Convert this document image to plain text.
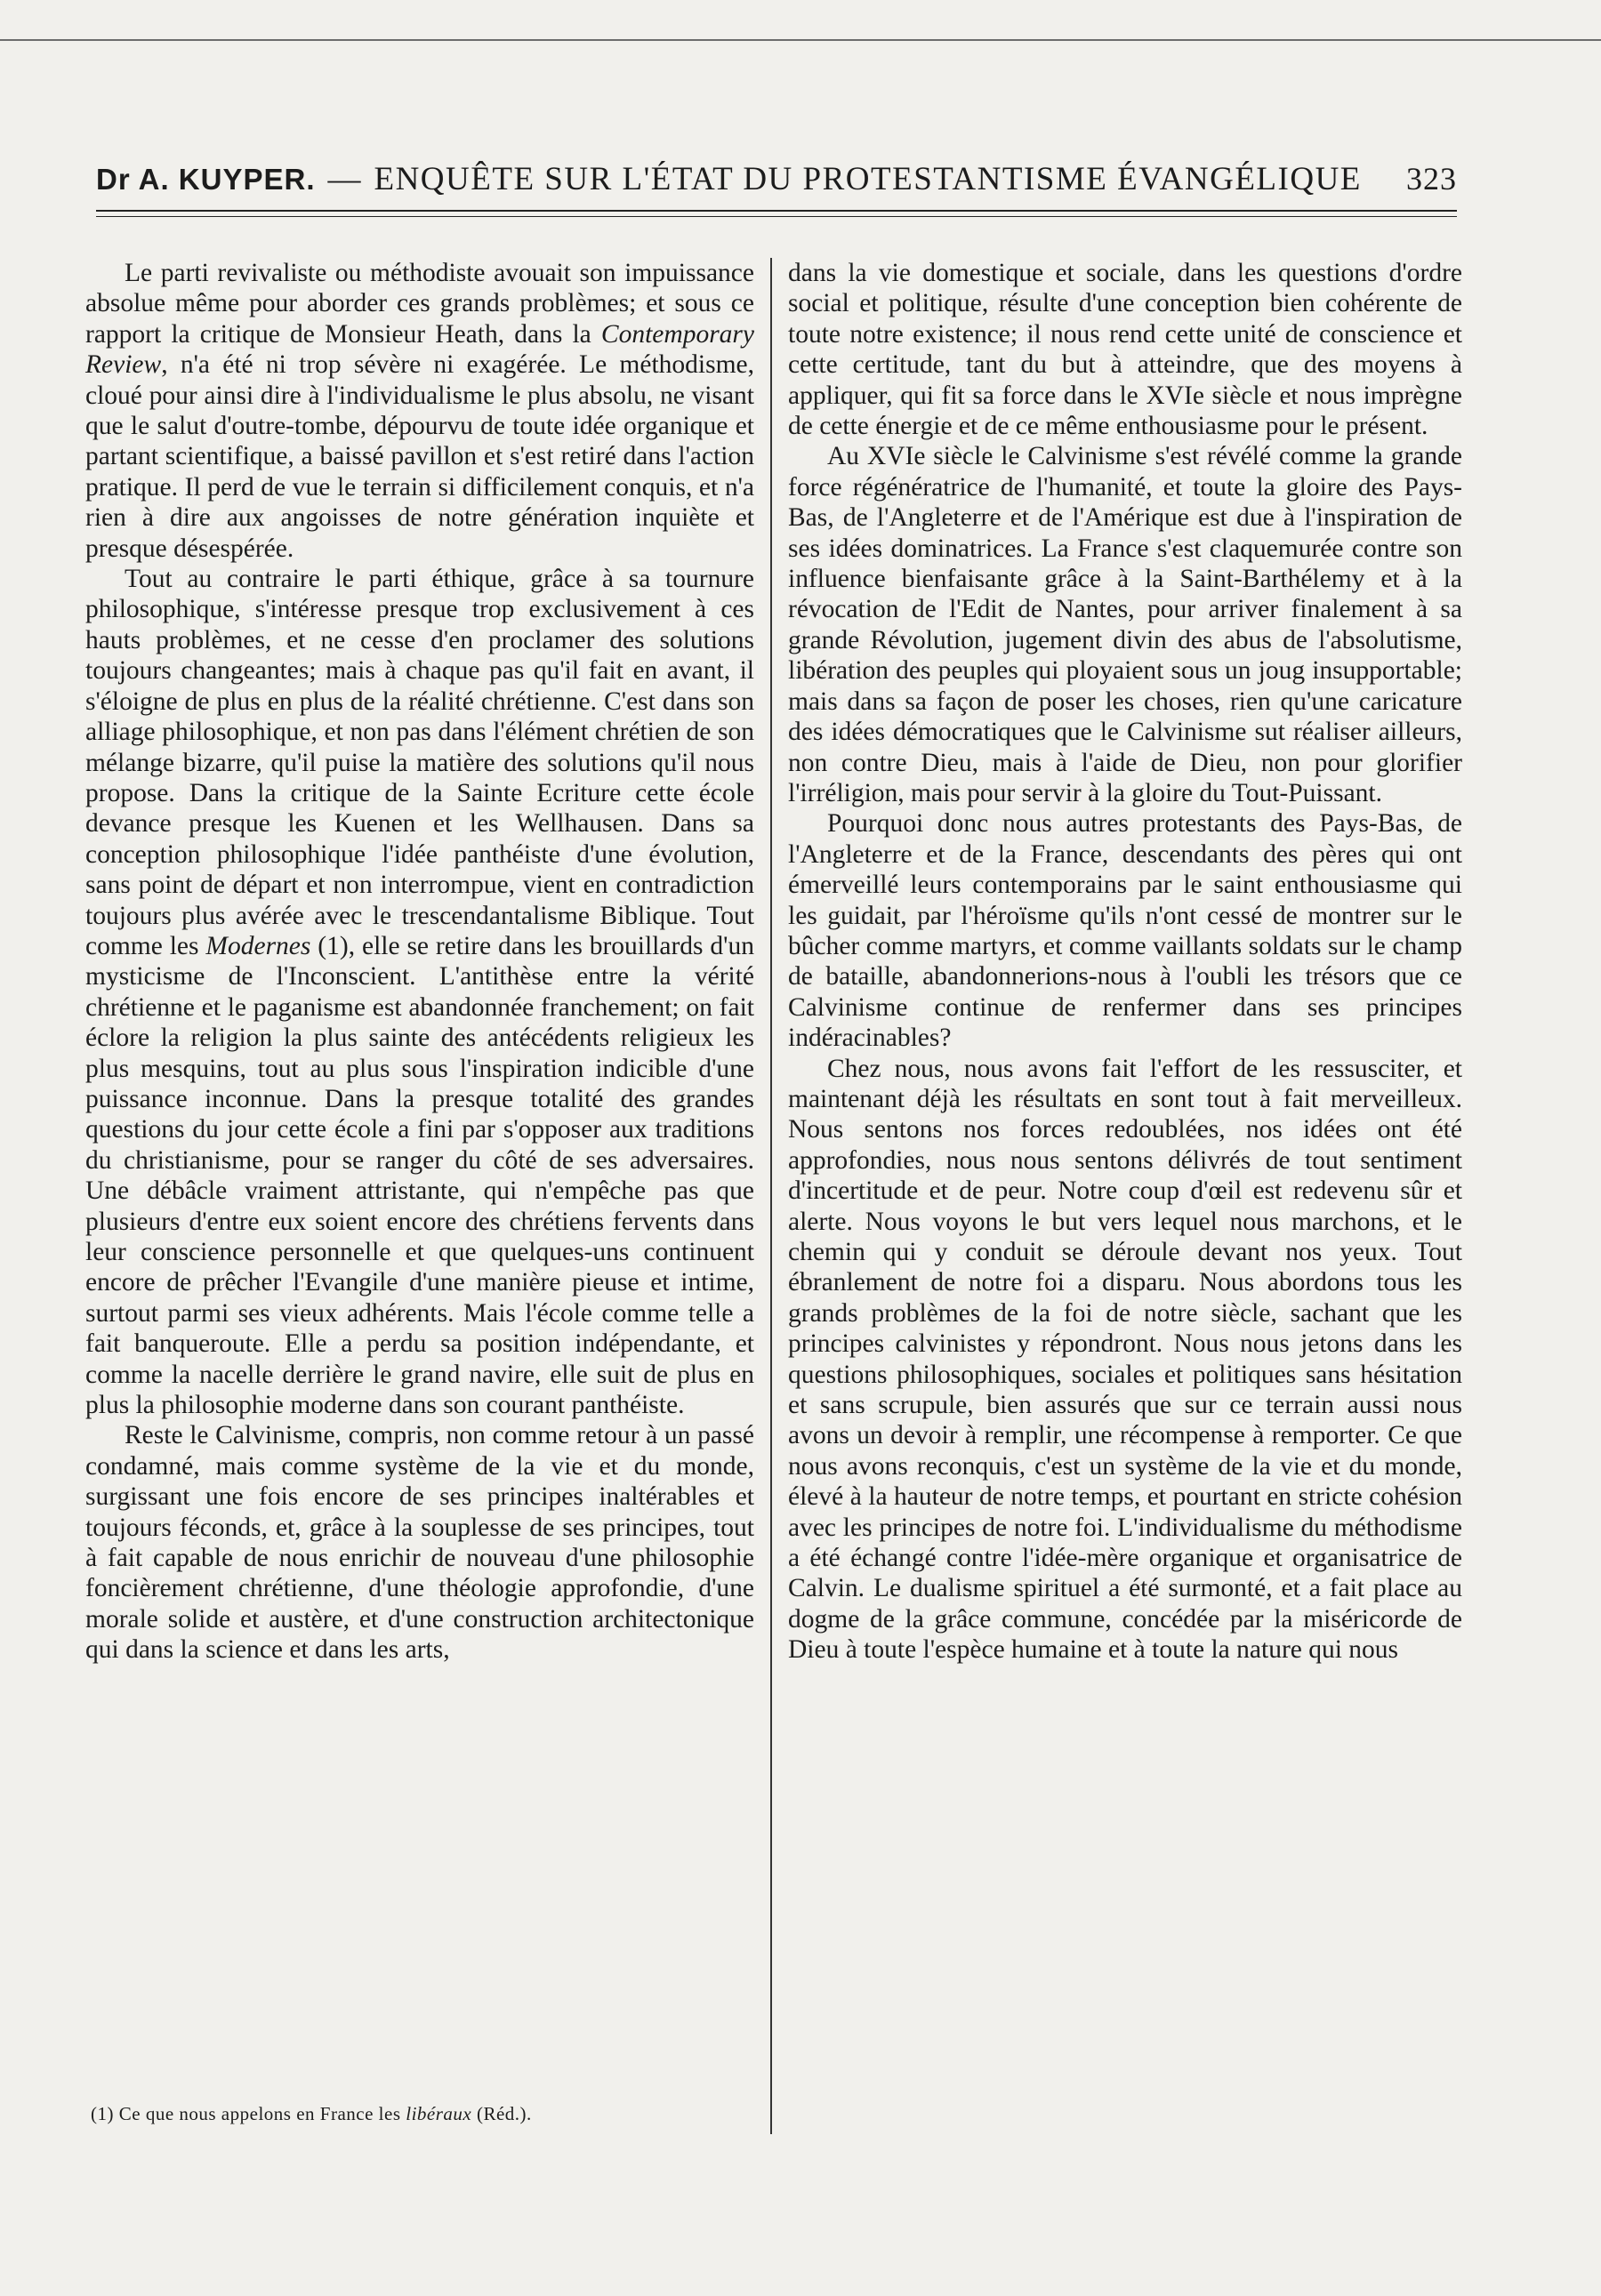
Dr A. KUYPER. — ENQUÊTE SUR L'ÉTAT DU PROTESTANTISME ÉVANGÉLIQUE 323

Le parti revivaliste ou méthodiste avouait son impuissance absolue même pour aborder ces grands problèmes; et sous ce rapport la critique de Monsieur Heath, dans la Contemporary Review, n'a été ni trop sévère ni exagérée. Le méthodisme, cloué pour ainsi dire à l'individualisme le plus absolu, ne visant que le salut d'outre-tombe, dépourvu de toute idée organique et partant scientifique, a baissé pavillon et s'est retiré dans l'action pratique. Il perd de vue le terrain si difficilement conquis, et n'a rien à dire aux angoisses de notre génération inquiète et presque désespérée.

Tout au contraire le parti éthique, grâce à sa tournure philosophique, s'intéresse presque trop exclusivement à ces hauts problèmes, et ne cesse d'en proclamer des solutions toujours changeantes; mais à chaque pas qu'il fait en avant, il s'éloigne de plus en plus de la réalité chrétienne. C'est dans son alliage philosophique, et non pas dans l'élément chrétien de son mélange bizarre, qu'il puise la matière des solutions qu'il nous propose. Dans la critique de la Sainte Ecriture cette école devance presque les Kuenen et les Wellhausen. Dans sa conception philosophique l'idée panthéiste d'une évolution, sans point de départ et non interrompue, vient en contradiction toujours plus avérée avec le trescendantalisme Biblique. Tout comme les Modernes (1), elle se retire dans les brouillards d'un mysticisme de l'Inconscient. L'antithèse entre la vérité chrétienne et le paganisme est abandonnée franchement; on fait éclore la religion la plus sainte des antécédents religieux les plus mesquins, tout au plus sous l'inspiration indicible d'une puissance inconnue. Dans la presque totalité des grandes questions du jour cette école a fini par s'opposer aux traditions du christianisme, pour se ranger du côté de ses adversaires. Une débâcle vraiment attristante, qui n'empêche pas que plusieurs d'entre eux soient encore des chrétiens fervents dans leur conscience personnelle et que quelques-uns continuent encore de prêcher l'Evangile d'une manière pieuse et intime, surtout parmi ses vieux adhérents. Mais l'école comme telle a fait banqueroute. Elle a perdu sa position indépendante, et comme la nacelle derrière le grand navire, elle suit de plus en plus la philosophie moderne dans son courant panthéiste.

Reste le Calvinisme, compris, non comme retour à un passé condamné, mais comme système de la vie et du monde, surgissant une fois encore de ses principes inaltérables et toujours féconds, et, grâce à la souplesse de ses principes, tout à fait capable de nous enrichir de nouveau d'une philosophie foncièrement chrétienne, d'une théologie approfondie, d'une morale solide et austère, et d'une construction architectonique qui dans la science et dans les arts,

dans la vie domestique et sociale, dans les questions d'ordre social et politique, résulte d'une conception bien cohérente de toute notre existence; il nous rend cette unité de conscience et cette certitude, tant du but à atteindre, que des moyens à appliquer, qui fit sa force dans le XVIe siècle et nous imprègne de cette énergie et de ce même enthousiasme pour le présent.

Au XVIe siècle le Calvinisme s'est révélé comme la grande force régénératrice de l'humanité, et toute la gloire des Pays-Bas, de l'Angleterre et de l'Amérique est due à l'inspiration de ses idées dominatrices. La France s'est claquemurée contre son influence bienfaisante grâce à la Saint-Barthélemy et à la révocation de l'Edit de Nantes, pour arriver finalement à sa grande Révolution, jugement divin des abus de l'absolutisme, libération des peuples qui ployaient sous un joug insupportable; mais dans sa façon de poser les choses, rien qu'une caricature des idées démocratiques que le Calvinisme sut réaliser ailleurs, non contre Dieu, mais à l'aide de Dieu, non pour glorifier l'irréligion, mais pour servir à la gloire du Tout-Puissant.

Pourquoi donc nous autres protestants des Pays-Bas, de l'Angleterre et de la France, descendants des pères qui ont émerveillé leurs contemporains par le saint enthousiasme qui les guidait, par l'héroïsme qu'ils n'ont cessé de montrer sur le bûcher comme martyrs, et comme vaillants soldats sur le champ de bataille, abandonnerions-nous à l'oubli les trésors que ce Calvinisme continue de renfermer dans ses principes indéracinables?

Chez nous, nous avons fait l'effort de les ressusciter, et maintenant déjà les résultats en sont tout à fait merveilleux. Nous sentons nos forces redoublées, nos idées ont été approfondies, nous nous sentons délivrés de tout sentiment d'incertitude et de peur. Notre coup d'œil est redevenu sûr et alerte. Nous voyons le but vers lequel nous marchons, et le chemin qui y conduit se déroule devant nos yeux. Tout ébranlement de notre foi a disparu. Nous abordons tous les grands problèmes de la foi de notre siècle, sachant que les principes calvinistes y répondront. Nous nous jetons dans les questions philosophiques, sociales et politiques sans hésitation et sans scrupule, bien assurés que sur ce terrain aussi nous avons un devoir à remplir, une récompense à remporter. Ce que nous avons reconquis, c'est un système de la vie et du monde, élevé à la hauteur de notre temps, et pourtant en stricte cohésion avec les principes de notre foi. L'individualisme du méthodisme a été échangé contre l'idée-mère organique et organisatrice de Calvin. Le dualisme spirituel a été surmonté, et a fait place au dogme de la grâce commune, concédée par la miséricorde de Dieu à toute l'espèce humaine et à toute la nature qui nous

(1) Ce que nous appelons en France les libéraux (Réd.).
